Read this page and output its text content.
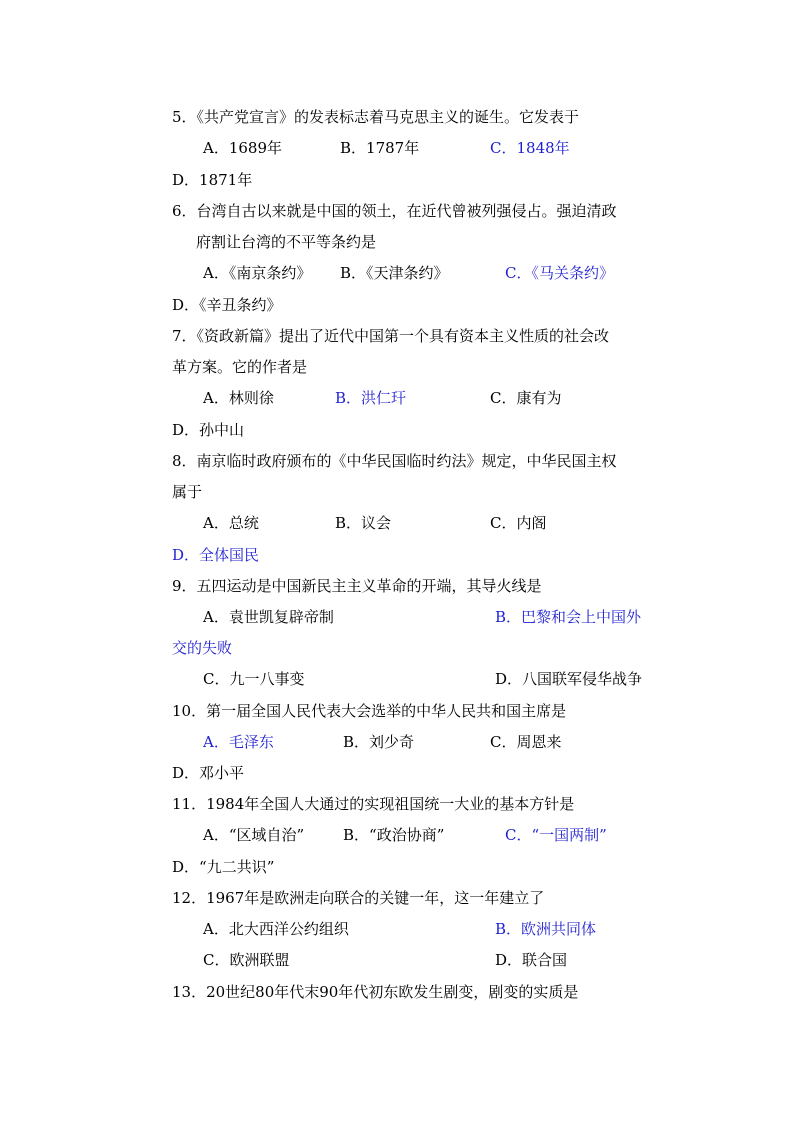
5．《共产党宣言》的发表标志着马克思主义的诞生。它发表于
A．1689年	B．1787年	C．1848年
D．1871年
6．台湾自古以来就是中国的领土，在近代曾被列强侵占。强迫清政
府割让台湾的不平等条约是
A．《南京条约》 B．《天津条约》	C．《马关条约》
D．《辛丑条约》
7．《资政新篇》提出了近代中国第一个具有资本主义性质的社会改
革方案。它的作者是
A．林则徐	B．洪仁玕	C．康有为
D．孙中山
8．南京临时政府颁布的《中华民国临时约法》规定，中华民国主权
属于
A．总统	B．议会	C．内阁
D．全体国民
9．五四运动是中国新民主主义革命的开端，其导火线是
A．袁世凯复辟帝制	B．巴黎和会上中国外
交的失败
C．九一八事变	D．八国联军侵华战争
10．第一届全国人民代表大会选举的中华人民共和国主席是
A．毛泽东	B．刘少奇	C．周恩来
D．邓小平
11．1984年全国人大通过的实现祖国统一大业的基本方针是
A．“区域自治”	B．“政治协商”	C．“一国两制”
D．“九二共识”
12．1967年是欧洲走向联合的关键一年，这一年建立了
A．北大西洋公约组织	B．欧洲共同体
C．欧洲联盟	D．联合国
13．20世纪80年代末90年代初东欧发生剧变，剧变的实质是
